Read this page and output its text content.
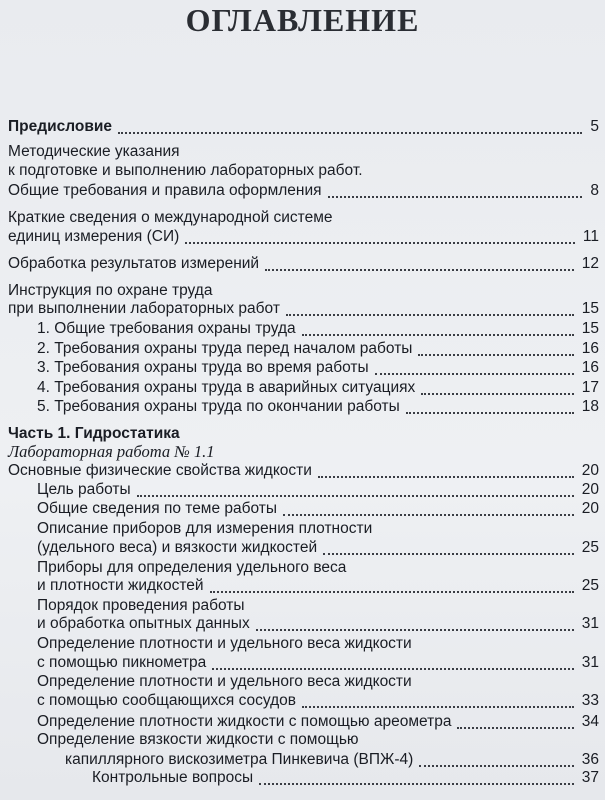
ОГЛАВЛЕНИЕ
Предисловие	5
Методические указания
к подготовке и выполнению лабораторных работ.
Общие требования и правила оформления	8
Краткие сведения о международной системе
единиц измерения (СИ)	11
Обработка результатов измерений	12
Инструкция по охране труда
при выполнении лабораторных работ	15
1. Общие требования охраны труда	15
2. Требования охраны труда перед началом работы	16
3. Требования охраны труда во время работы	16
4. Требования охраны труда в аварийных ситуациях	17
5. Требования охраны труда по окончании работы	18
Часть 1. Гидростатика
Лабораторная работа № 1.1
Основные физические свойства жидкости	20
Цель работы	20
Общие сведения по теме работы	20
Описание приборов для измерения плотности
(удельного веса) и вязкости жидкостей	25
Приборы для определения удельного веса
и плотности жидкостей	25
Порядок проведения работы
и обработка опытных данных	31
Определение плотности и удельного веса жидкости
с помощью пикнометра	31
Определение плотности и удельного веса жидкости
с помощью сообщающихся сосудов	33
Определение плотности жидкости с помощью ареометра	34
Определение вязкости жидкости с помощью
капиллярного вискозиметра Пинкевича (ВПЖ-4)	36
Контрольные вопросы	37
